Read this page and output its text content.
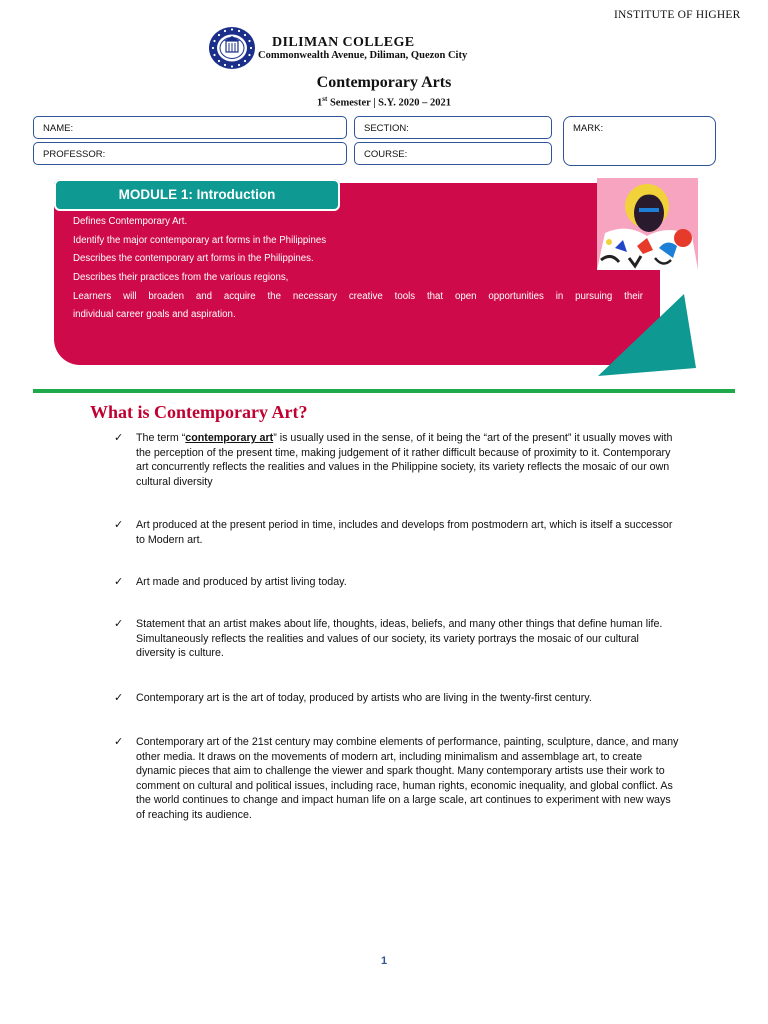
INSTITUTE OF HIGHER
DILIMAN COLLEGE
Commonwealth Avenue, Diliman, Quezon City
Contemporary Arts
1st Semester | S.Y. 2020 – 2021
NAME:	SECTION:	MARK:
PROFESSOR:	COURSE:
MODULE 1: Introduction
Defines Contemporary Art.
Identify the major contemporary art forms in the Philippines
Describes the contemporary art forms in the Philippines.
Describes their practices from the various regions,
Learners will broaden and acquire the necessary creative tools that open opportunities in pursuing their
individual career goals and aspiration.
What is Contemporary Art?
✓ The term “contemporary art” is usually used in the sense, of it being the “art of the present” it usually moves with the perception of the present time, making judgement of it rather difficult because of proximity to it. Contemporary art concurrently reflects the realities and values in the Philippine society, its variety reflects the mosaic of our own cultural diversity
✓ Art produced at the present period in time, includes and develops from postmodern art, which is itself a successor to Modern art.
✓ Art made and produced by artist living today.
✓ Statement that an artist makes about life, thoughts, ideas, beliefs, and many other things that define human life. Simultaneously reflects the realities and values of our society, its variety portrays the mosaic of our cultural diversity is culture.
✓ Contemporary art is the art of today, produced by artists who are living in the twenty-first century.
✓ Contemporary art of the 21st century may combine elements of performance, painting, sculpture, dance, and many other media. It draws on the movements of modern art, including minimalism and assemblage art, to create dynamic pieces that aim to challenge the viewer and spark thought. Many contemporary artists use their work to comment on cultural and political issues, including race, human rights, economic inequality, and global conflict. As the world continues to change and impact human life on a large scale, art continues to experiment with new ways of reaching its audience.
1
